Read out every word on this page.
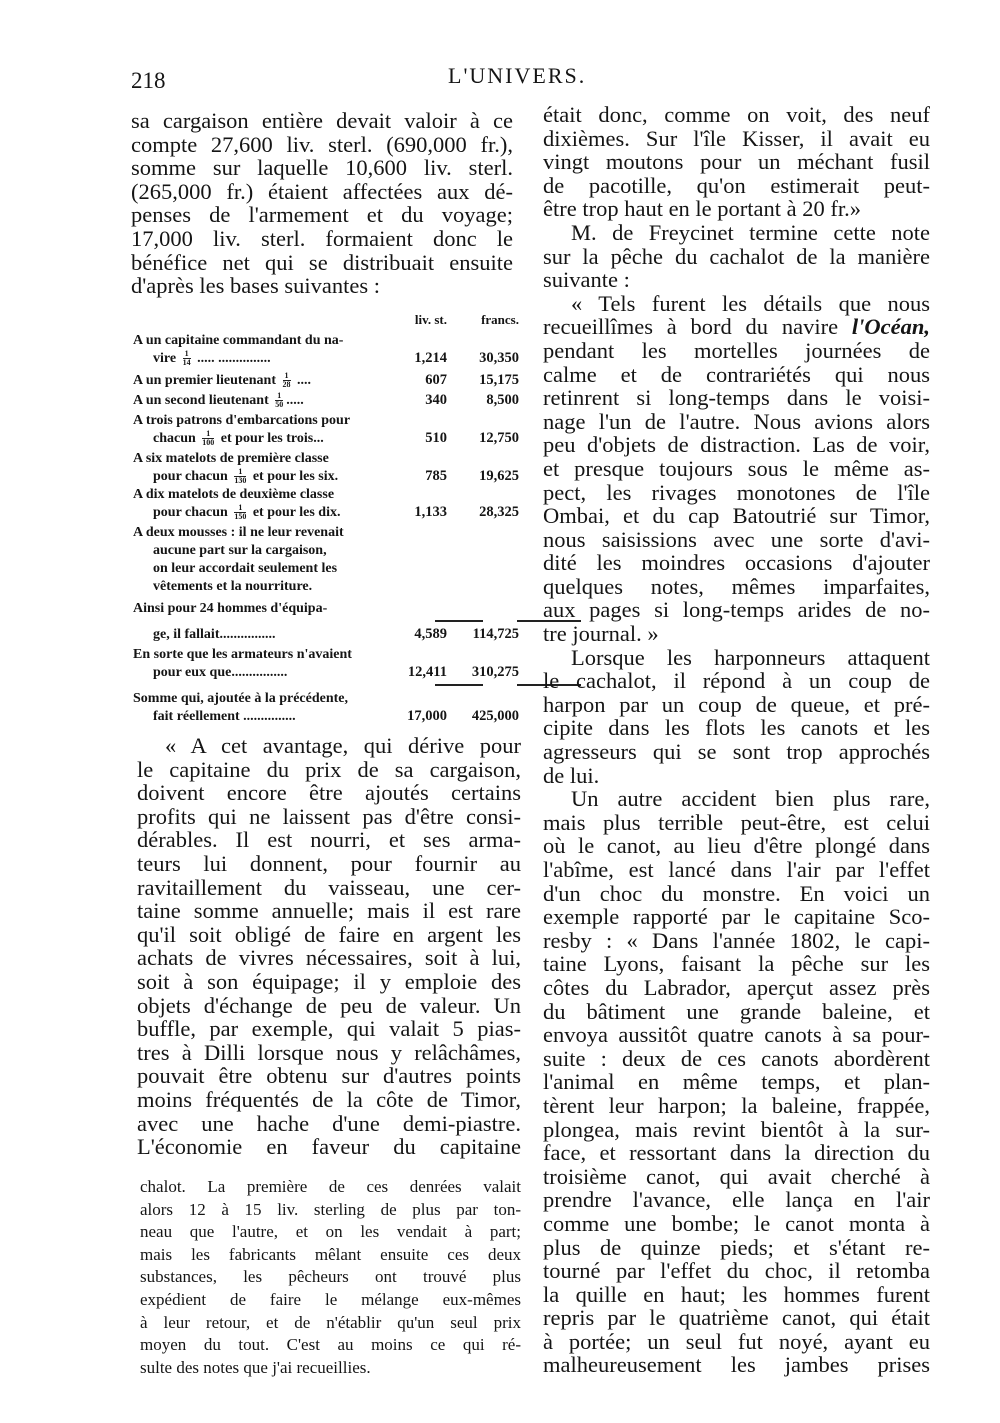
218	L'UNIVERS.
sa cargaison entière devait valoir à ce
compte 27,600 liv. sterl. (690,000 fr.),
somme sur laquelle 10,600 liv. sterl.
(265,000 fr.) étaient affectées aux dé-
penses de l'armement et du voyage;
17,000 liv. sterl. formaient donc le
bénéfice net qui se distribuait ensuite
d'après les bases suivantes :
liv. st.	francs.
A un capitaine commandant du na-
vire $\frac{1}{14}$ ..... ...............	1,214	30,350
A un premier lieutenant $\frac{1}{28}$ ....	607	15,175
A un second lieutenant $\frac{1}{50}$ .....	340	8,500
A trois patrons d'embarcations pour
chacun $\frac{1}{100}$ et pour les trois...	510	12,750
A six matelots de première classe
pour chacun $\frac{1}{130}$ et pour les six.	785	19,625
A dix matelots de deuxième classe
pour chacun $\frac{1}{150}$ et pour les dix.	1,133	28,325
A deux mousses : il ne leur revenait
aucune part sur la cargaison,
on leur accordait seulement les
vêtements et la nourriture.
Ainsi pour 24 hommes d'équipa-
ge, il fallait................	4,589	114,725
En sorte que les armateurs n'avaient
pour eux que................	12,411	310,275
Somme qui, ajoutée à la précédente,
fait réellement ...............	17,000	425,000
« A cet avantage, qui dérive pour
le capitaine du prix de sa cargaison,
doivent encore être ajoutés certains
profits qui ne laissent pas d'être consi-
dérables. Il est nourri, et ses arma-
teurs lui donnent, pour fournir au
ravitaillement du vaisseau, une cer-
taine somme annuelle; mais il est rare
qu'il soit obligé de faire en argent les
achats de vivres nécessaires, soit à lui,
soit à son équipage; il y emploie des
objets d'échange de peu de valeur. Un
buffle, par exemple, qui valait 5 pias-
tres à Dilli lorsque nous y relâchâmes,
pouvait être obtenu sur d'autres points
moins fréquentés de la côte de Timor,
avec une hache d'une demi-piastre.
L'économie en faveur du capitaine
chalot. La première de ces denrées valait
alors 12 à 15 liv. sterling de plus par ton-
neau que l'autre, et on les vendait à part;
mais les fabricants mêlant ensuite ces deux
substances, les pêcheurs ont trouvé plus
expédient de faire le mélange eux-mêmes
à leur retour, et de n'établir qu'un seul prix
moyen du tout. C'est au moins ce qui ré-
sulte des notes que j'ai recueillies.
était donc, comme on voit, des neuf
dixièmes. Sur l'île Kisser, il avait eu
vingt moutons pour un méchant fusil
de pacotille, qu'on estimerait peut-
être trop haut en le portant à 20 fr.»
M. de Freycinet termine cette note
sur la pêche du cachalot de la manière
suivante :
« Tels furent les détails que nous
recueillîmes à bord du navire l'Océan,
pendant les mortelles journées de
calme et de contrariétés qui nous
retinrent si long-temps dans le voisi-
nage l'un de l'autre. Nous avions alors
peu d'objets de distraction. Las de voir,
et presque toujours sous le même as-
pect, les rivages monotones de l'île
Ombai, et du cap Batoutrié sur Timor,
nous saisissions avec une sorte d'avi-
dité les moindres occasions d'ajouter
quelques notes, mêmes imparfaites,
aux pages si long-temps arides de no-
tre journal. »
Lorsque les harponneurs attaquent
le cachalot, il répond à un coup de
harpon par un coup de queue, et pré-
cipite dans les flots les canots et les
agresseurs qui se sont trop approchés
de lui.
Un autre accident bien plus rare,
mais plus terrible peut-être, est celui
où le canot, au lieu d'être plongé dans
l'abîme, est lancé dans l'air par l'effet
d'un choc du monstre. En voici un
exemple rapporté par le capitaine Sco-
resby : « Dans l'année 1802, le capi-
taine Lyons, faisant la pêche sur les
côtes du Labrador, aperçut assez près
du bâtiment une grande baleine, et
envoya aussitôt quatre canots à sa pour-
suite : deux de ces canots abordèrent
l'animal en même temps, et plan-
tèrent leur harpon; la baleine, frappée,
plongea, mais revint bientôt à la sur-
face, et ressortant dans la direction du
troisième canot, qui avait cherché à
prendre l'avance, elle lança en l'air
comme une bombe; le canot monta à
plus de quinze pieds; et s'étant re-
tourné par l'effet du choc, il retomba
la quille en haut; les hommes furent
repris par le quatrième canot, qui était
à portée; un seul fut noyé, ayant eu
malheureusement les jambes prises
